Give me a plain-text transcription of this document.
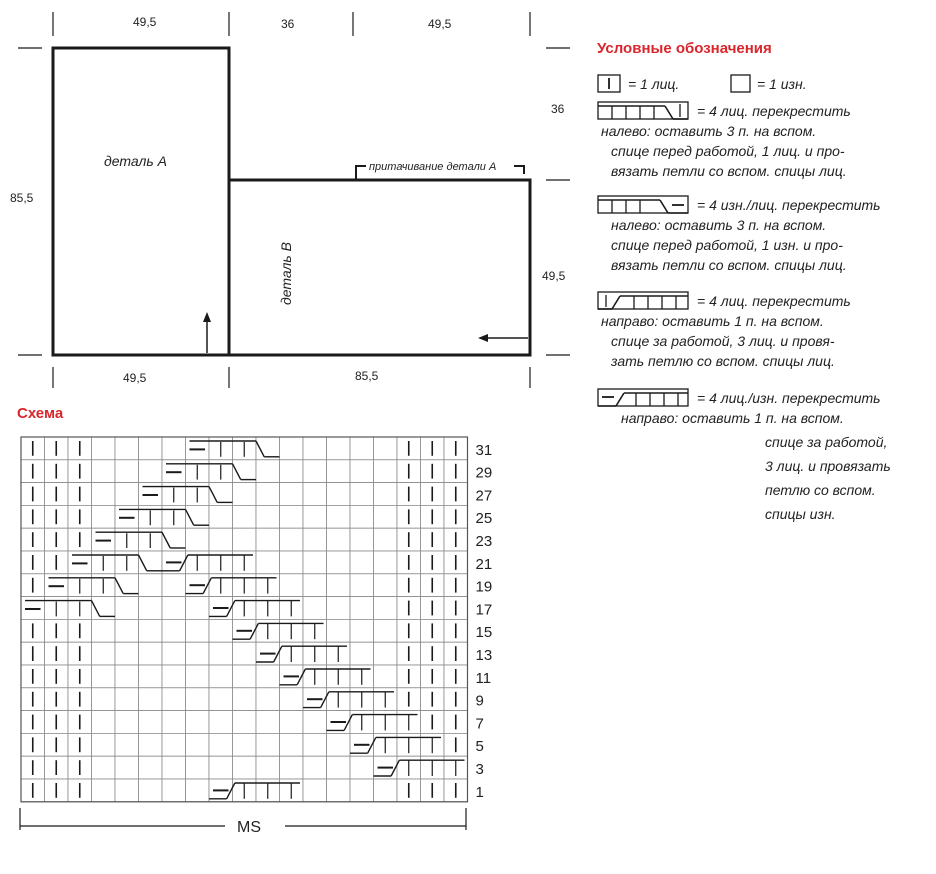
49,5	36	49,5
85,5
36
49,5
49,5	85,5
деталь A
деталь B
притачивание детали A
Условные обозначения
= 1 лиц.	= 1 изн.
= 4 лиц. перекрестить
налево: оставить 3 п. на вспом.
спице перед работой, 1 лиц. и про-
вязать петли со вспом. спицы лиц.
= 4 изн./лиц. перекрестить
налево: оставить 3 п. на вспом.
спице перед работой, 1 изн. и про-
вязать петли со вспом. спицы лиц.
= 4 лиц. перекрестить
направо: оставить 1 п. на вспом.
спице за работой, 3 лиц. и провя-
зать петлю со вспом. спицы лиц.
= 4 лиц./изн. перекрестить
направо: оставить 1 п. на вспом.
спице за работой,
3 лиц. и провязать
петлю со вспом.
спицы изн.
Схема
31
29
27
25
23
21
19
17
15
13
11
9
7
5
3
1
MS
